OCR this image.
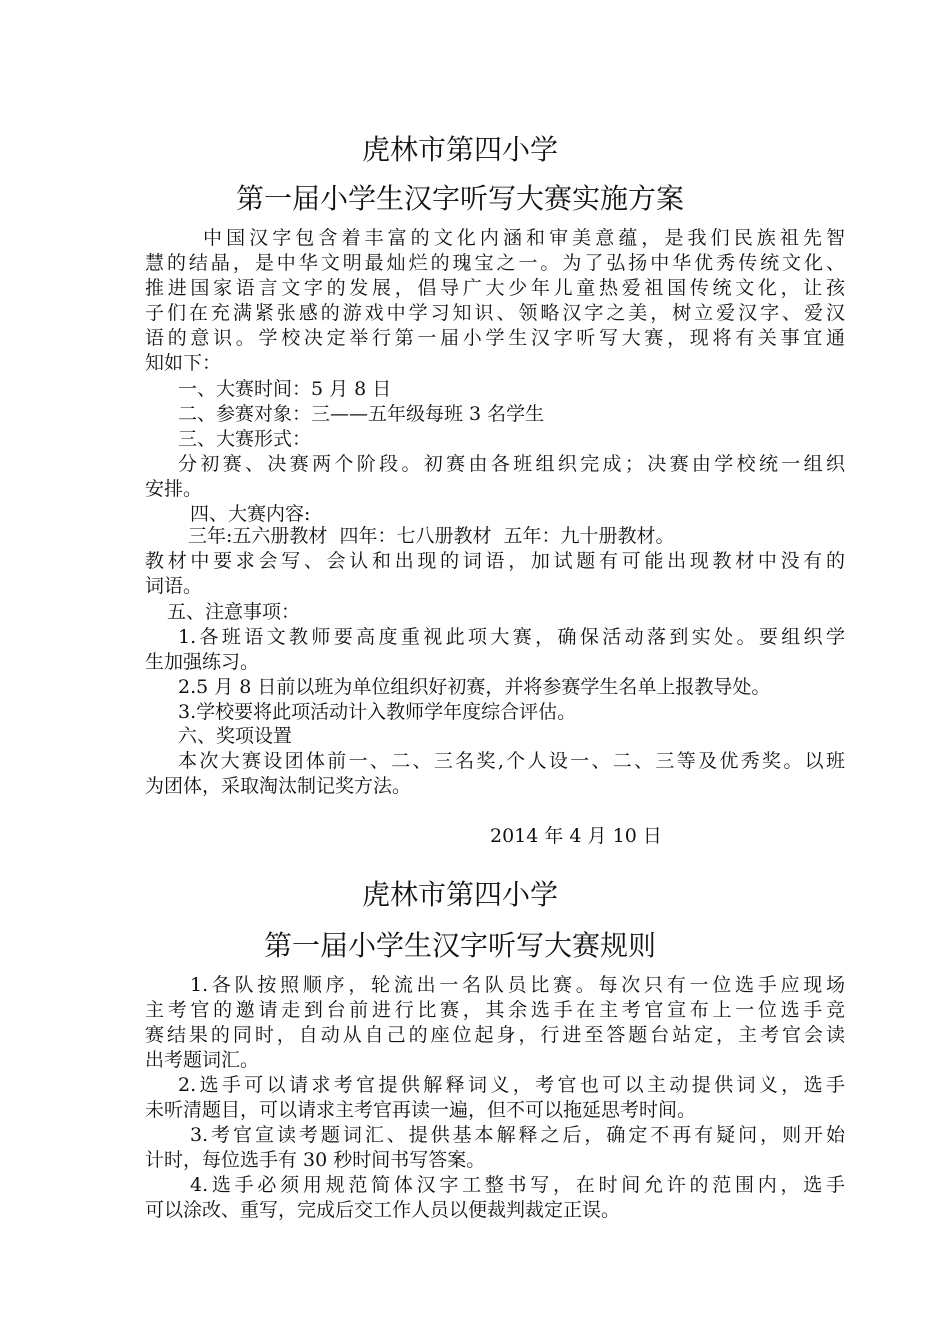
虎林市第四小学
第一届小学生汉字听写大赛实施方案
中国汉字包含着丰富的文化内涵和审美意蕴，是我们民族祖先智
慧的结晶，是中华文明最灿烂的瑰宝之一。为了弘扬中华优秀传统文化、
推进国家语言文字的发展，倡导广大少年儿童热爱祖国传统文化，让孩
子们在充满紧张感的游戏中学习知识、领略汉字之美，树立爱汉字、爱汉
语的意识。学校决定举行第一届小学生汉字听写大赛，现将有关事宜通
知如下：
一、大赛时间：5 月 8 日
二、参赛对象：三——五年级每班 3 名学生
三、大赛形式：
分初赛、决赛两个阶段。初赛由各班组织完成；决赛由学校统一组织
安排。
四、大赛内容:
三年:五六册教材  四年：七八册教材  五年：九十册教材。
教材中要求会写、会认和出现的词语，加试题有可能出现教材中没有的
词语。
五、注意事项：
1.各班语文教师要高度重视此项大赛，确保活动落到实处。要组织学
生加强练习。
2.5 月 8 日前以班为单位组织好初赛，并将参赛学生名单上报教导处。
3.学校要将此项活动计入教师学年度综合评估。
六、奖项设置
本次大赛设团体前一、二、三名奖,个人设一、二、三等及优秀奖。以班
为团体，采取淘汰制记奖方法。
2014 年 4 月 10 日
虎林市第四小学
第一届小学生汉字听写大赛规则
1.各队按照顺序，轮流出一名队员比赛。每次只有一位选手应现场
主考官的邀请走到台前进行比赛，其余选手在主考官宣布上一位选手竞
赛结果的同时，自动从自己的座位起身，行进至答题台站定，主考官会读
出考题词汇。
2.选手可以请求考官提供解释词义，考官也可以主动提供词义，选手
未听清题目，可以请求主考官再读一遍，但不可以拖延思考时间。
3.考官宣读考题词汇、提供基本解释之后，确定不再有疑问，则开始
计时，每位选手有 30 秒时间书写答案。
4.选手必须用规范简体汉字工整书写，在时间允许的范围内，选手
可以涂改、重写，完成后交工作人员以便裁判裁定正误。
